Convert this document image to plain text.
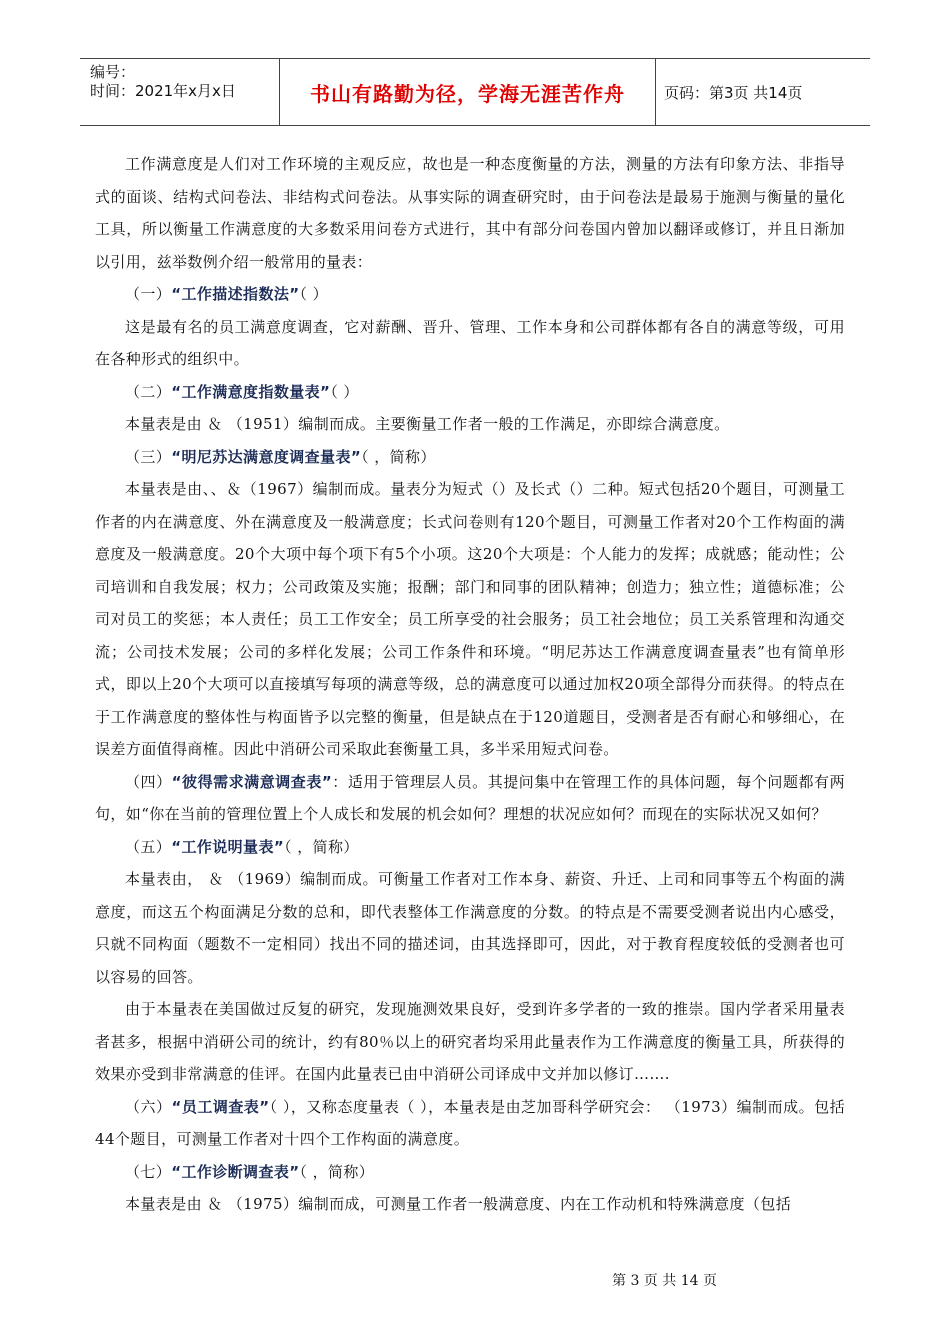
编号：
时间：2021年x月x日	书山有路勤为径，学海无涯苦作舟	页码：第3页 共14页

工作满意度是人们对工作环境的主观反应，故也是一种态度衡量的方法，测量的方法有印象方法、非指导式的面谈、结构式问卷法、非结构式问卷法。从事实际的调查研究时，由于问卷法是最易于施测与衡量的量化工具，所以衡量工作满意度的大多数采用问卷方式进行，其中有部分问卷国内曾加以翻译或修订，并且日渐加以引用，兹举数例介绍一般常用的量表：

（一）“工作描述指数法”（ ）

这是最有名的员工满意度调查，它对薪酬、晋升、管理、工作本身和公司群体都有各自的满意等级，可用在各种形式的组织中。

（二）“工作满意度指数量表”（ ）

本量表是由 ＆ （1951）编制而成。主要衡量工作者一般的工作满足，亦即综合满意度。

（三）“明尼苏达满意度调查量表”（ ，简称）

本量表是由、、＆（1967）编制而成。量表分为短式（）及长式（）二种。短式包括20个题目，可测量工作者的内在满意度、外在满意度及一般满意度；长式问卷则有120个题目，可测量工作者对20个工作构面的满意度及一般满意度。20个大项中每个项下有5个小项。这20个大项是：个人能力的发挥；成就感；能动性；公司培训和自我发展；权力；公司政策及实施；报酬；部门和同事的团队精神；创造力；独立性；道德标准；公司对员工的奖惩；本人责任；员工工作安全；员工所享受的社会服务；员工社会地位；员工关系管理和沟通交流；公司技术发展；公司的多样化发展；公司工作条件和环境。“明尼苏达工作满意度调查量表”也有简单形式，即以上20个大项可以直接填写每项的满意等级，总的满意度可以通过加权20项全部得分而获得。的特点在于工作满意度的整体性与构面皆予以完整的衡量，但是缺点在于120道题目，受测者是否有耐心和够细心，在误差方面值得商榷。因此中消研公司采取此套衡量工具，多半采用短式问卷。

（四）“彼得需求满意调查表”：适用于管理层人员。其提问集中在管理工作的具体问题，每个问题都有两句，如“你在当前的管理位置上个人成长和发展的机会如何？理想的状况应如何？而现在的实际状况又如何？

（五）“工作说明量表”（ ，简称）

本量表由， ＆ （1969）编制而成。可衡量工作者对工作本身、薪资、升迁、上司和同事等五个构面的满意度，而这五个构面满足分数的总和，即代表整体工作满意度的分数。的特点是不需要受测者说出内心感受，只就不同构面（题数不一定相同）找出不同的描述词，由其选择即可，因此，对于教育程度较低的受测者也可以容易的回答。

由于本量表在美国做过反复的研究，发现施测效果良好，受到许多学者的一致的推崇。国内学者采用量表者甚多，根据中消研公司的统计，约有80％以上的研究者均采用此量表作为工作满意度的衡量工具，所获得的效果亦受到非常满意的佳评。在国内此量表已由中消研公司译成中文并加以修订…….

（六）“员工调查表”（ ），又称态度量表（ ），本量表是由芝加哥科学研究会： （1973）编制而成。包括44个题目，可测量工作者对十四个工作构面的满意度。

（七）“工作诊断调查表”（ ，简称）

本量表是由 ＆ （1975）编制而成，可测量工作者一般满意度、内在工作动机和特殊满意度（包括

第 3 页 共 14 页
